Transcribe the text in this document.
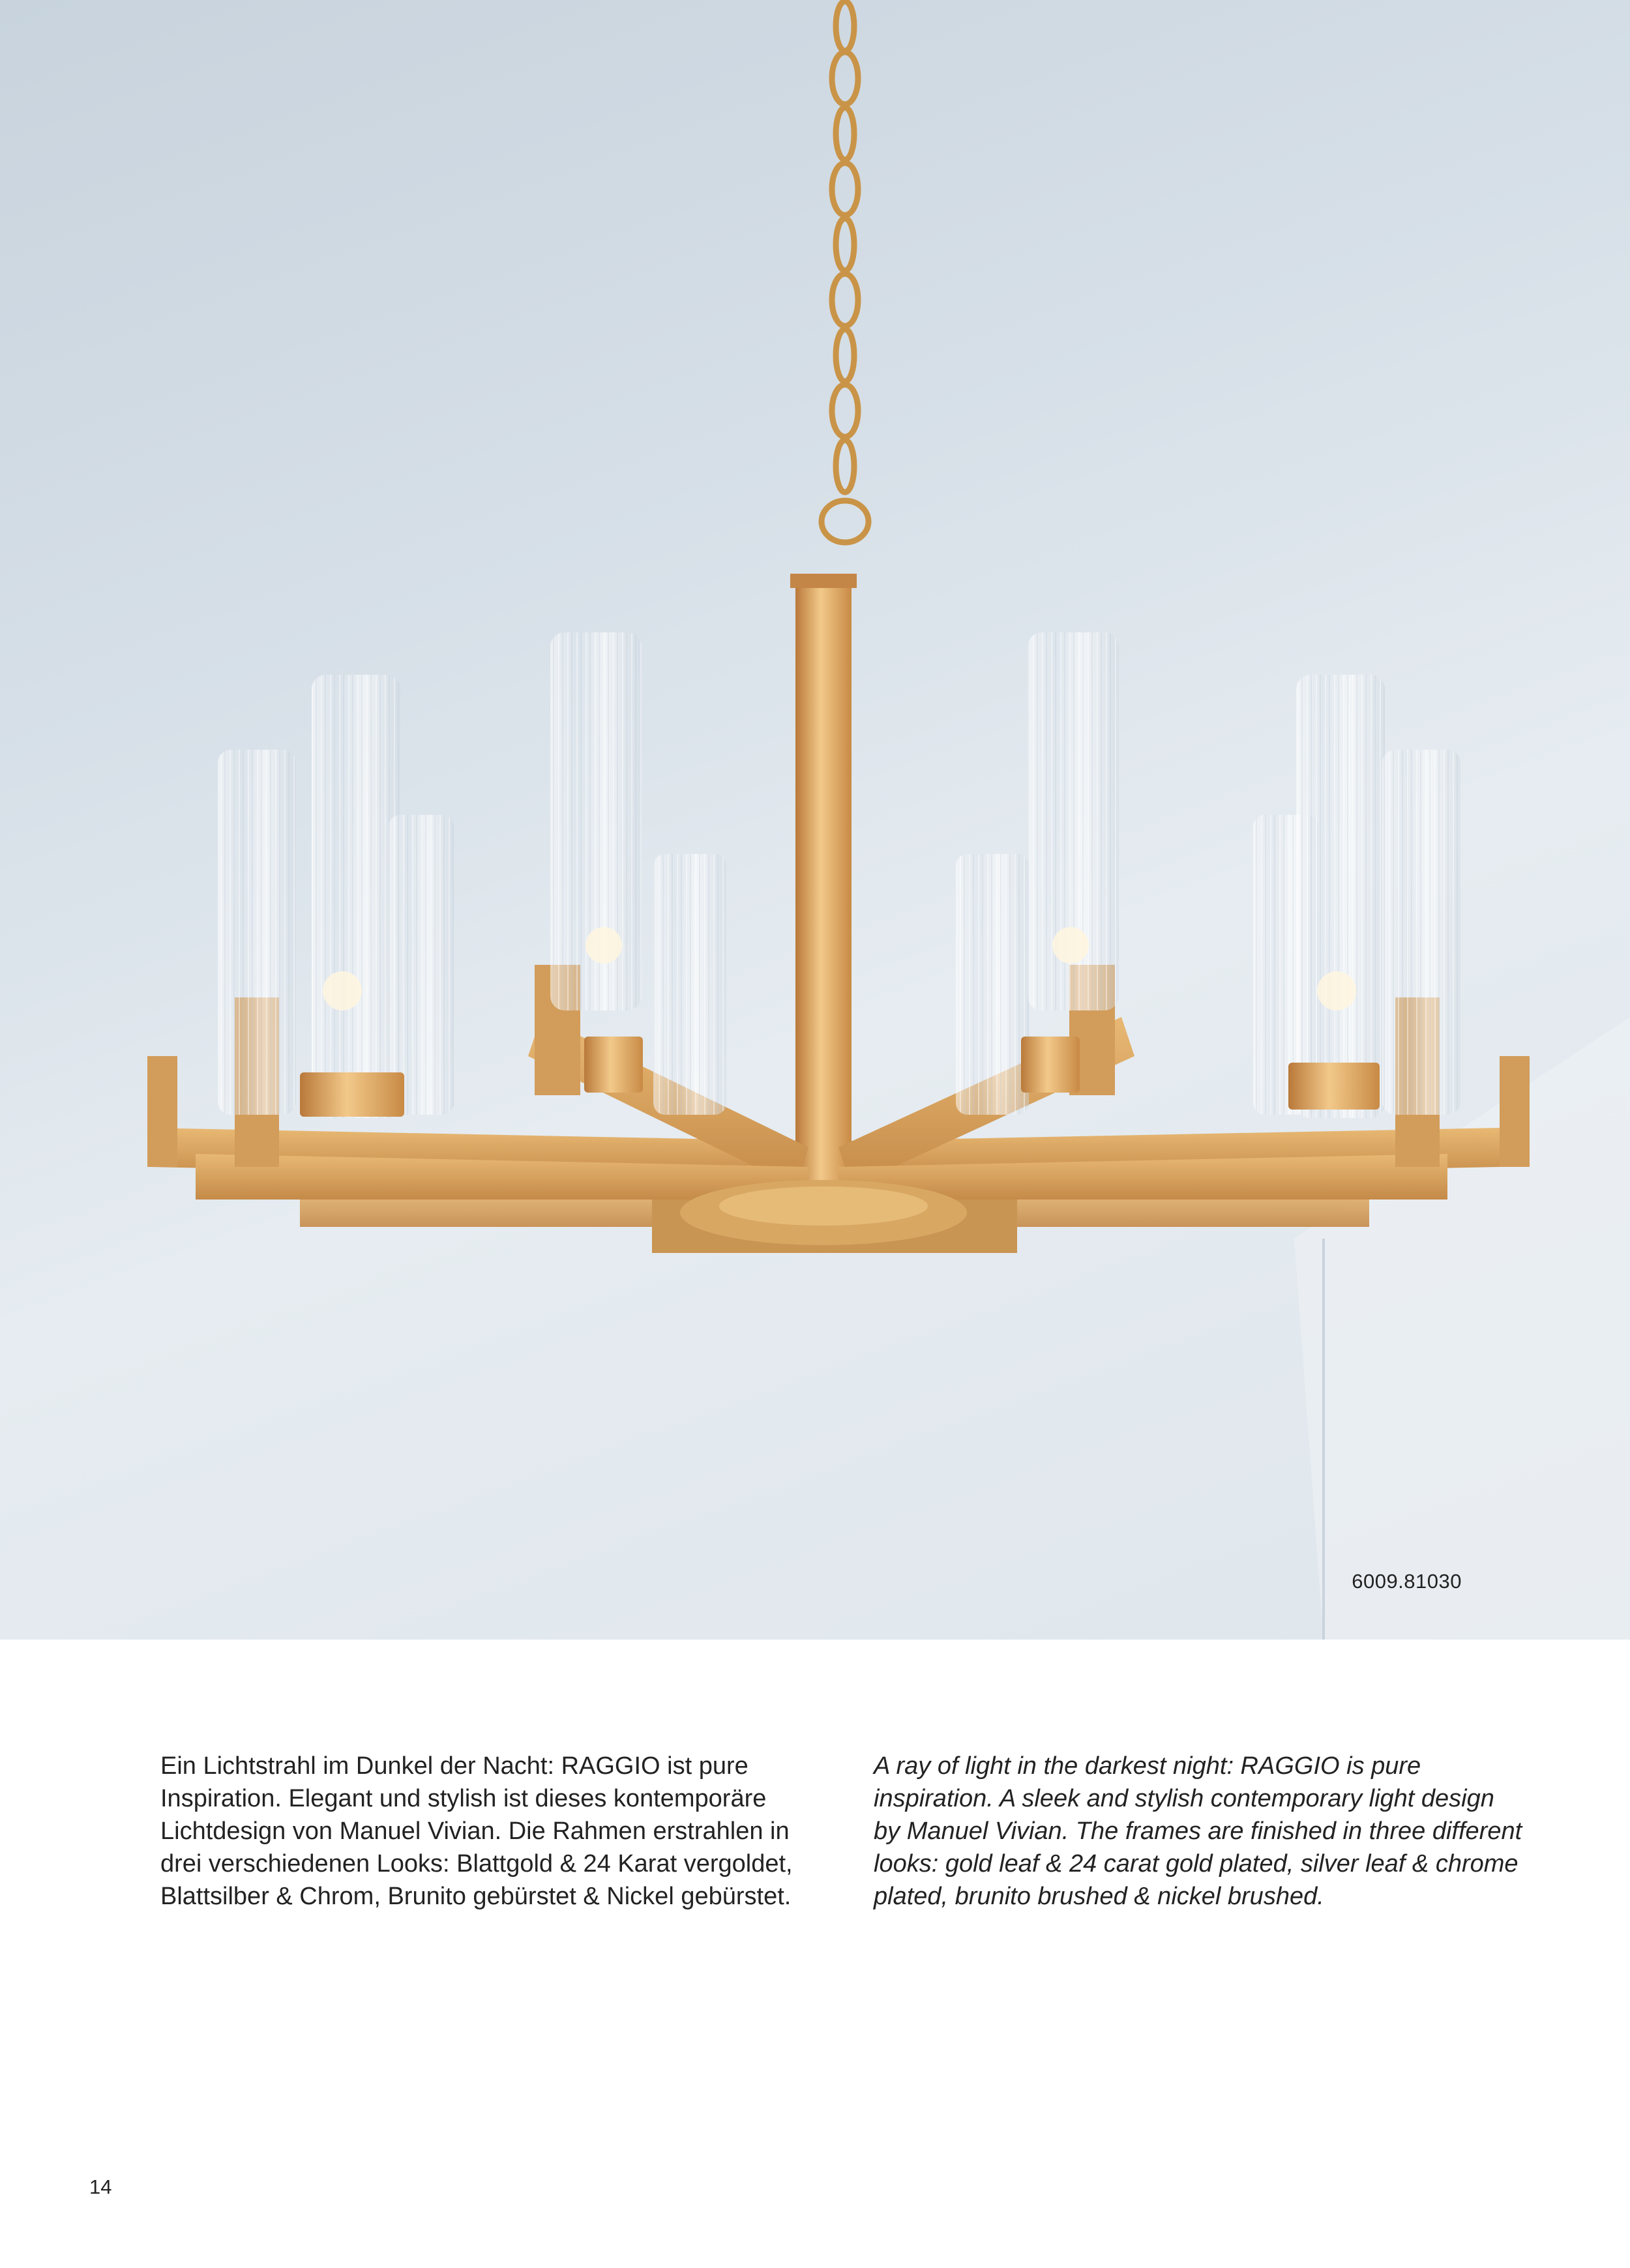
6009.81030
Ein Lichtstrahl im Dunkel der Nacht: RAGGIO ist pure Inspiration. Elegant und stylish ist dieses kontemporäre Lichtdesign von Manuel Vivian. Die Rahmen erstrahlen in drei verschiedenen Looks: Blattgold & 24 Karat vergoldet, Blattsilber & Chrom, Brunito gebürstet & Nickel gebürstet.
A ray of light in the darkest night: RAGGIO is pure inspiration. A sleek and stylish contemporary light design by Manuel Vivian. The frames are finished in three different looks: gold leaf & 24 carat gold plated, silver leaf & chrome plated, brunito brushed & nickel brushed.
14
